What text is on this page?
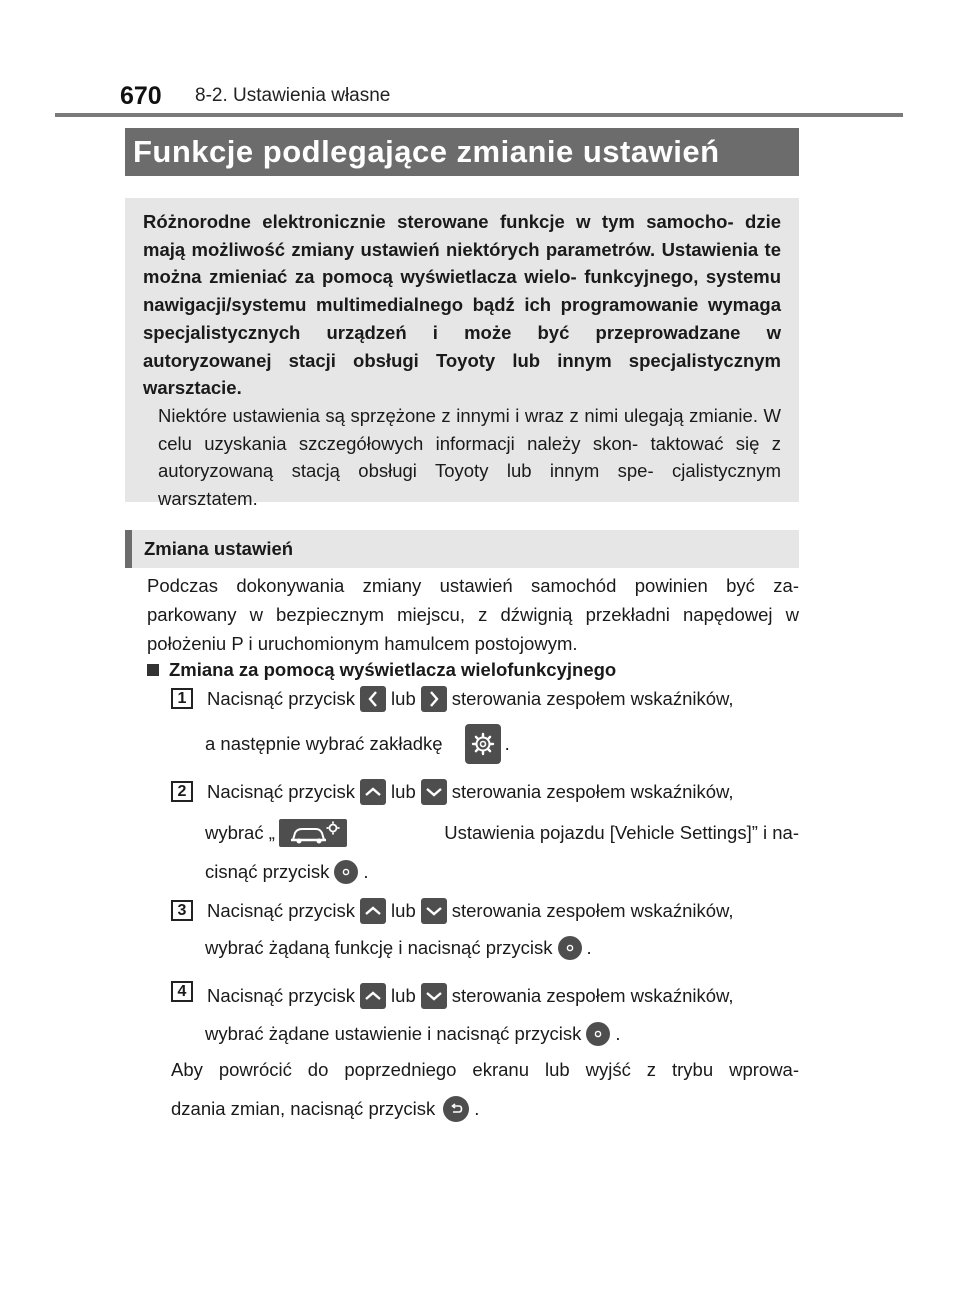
670	8-2. Ustawienia własne
Funkcje podlegające zmianie ustawień

Różnorodne elektronicznie sterowane funkcje w tym samocho- dzie mają możliwość zmiany ustawień niektórych parametrów. Ustawienia te można zmieniać za pomocą wyświetlacza wielo- funkcyjnego, systemu nawigacji/systemu multimedialnego bądź ich programowanie wymaga specjalistycznych urządzeń i może być przeprowadzane w autoryzowanej stacji obsługi Toyoty lub innym specjalistycznym warsztacie.

Niektóre ustawienia są sprzężone z innymi i wraz z nimi ulegają zmianie. W celu uzyskania szczegółowych informacji należy skon- taktować się z autoryzowaną stacją obsługi Toyoty lub innym spe- cjalistycznym warsztatem.

Zmiana ustawień
Podczas dokonywania zmiany ustawień samochód powinien być za- parkowany w bezpiecznym miejscu, z dźwignią przekładni napędowej w położeniu P i uruchomionym hamulcem postojowym.
Zmiana za pomocą wyświetlacza wielofunkcyjnego
1	Nacisnąć przycisk lub sterowania zespołem wskaźników,
a następnie wybrać zakładkę	.
2	Nacisnąć przycisk lub sterowania zespołem wskaźników,
wybrać „	Ustawienia pojazdu [Vehicle Settings]” i na-
cisnąć przycisk .
3	Nacisnąć przycisk lub sterowania zespołem wskaźników,
wybrać żądaną funkcję i nacisnąć przycisk .
4	Nacisnąć przycisk lub sterowania zespołem wskaźników,
wybrać żądane ustawienie i nacisnąć przycisk .
Aby powrócić do poprzedniego ekranu lub wyjść z trybu wprowa-
dzania zmian, nacisnąć przycisk .
